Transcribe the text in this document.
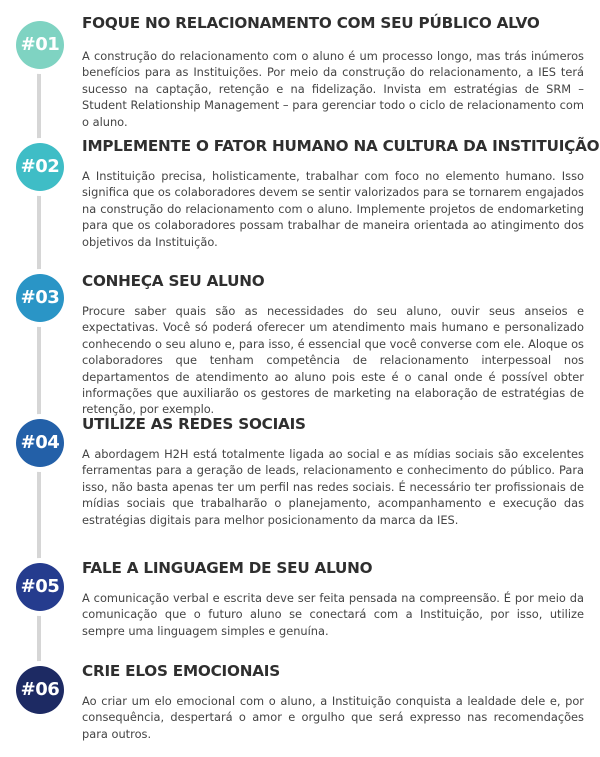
#01
FOQUE NO RELACIONAMENTO COM SEU PÚBLICO ALVO

A construção do relacionamento com o aluno é um processo longo, mas trás inúmeros benefícios para as Instituições. Por meio da construção do relacionamento, a IES terá sucesso na captação, retenção e na fidelização. Invista em estratégias de SRM – Student Relationship Management – para gerenciar todo o ciclo de relacionamento com o aluno.

#02
IMPLEMENTE O FATOR HUMANO NA CULTURA DA INSTITUIÇÃO

A Instituição precisa, holisticamente, trabalhar com foco no elemento humano. Isso significa que os colaboradores devem se sentir valorizados para se tornarem engajados na construção do relacionamento com o aluno. Implemente projetos de endomarketing para que os colaboradores possam trabalhar de maneira orientada ao atingimento dos objetivos da Instituição.

#03
CONHEÇA SEU ALUNO

Procure saber quais são as necessidades do seu aluno, ouvir seus anseios e expectativas. Você só poderá oferecer um atendimento mais humano e personalizado conhecendo o seu aluno e, para isso, é essencial que você converse com ele. Aloque os colaboradores que tenham competência de relacionamento interpessoal nos departamentos de atendimento ao aluno pois este é o canal onde é possível obter informações que auxiliarão os gestores de marketing na elaboração de estratégias de retenção, por exemplo.

#04
UTILIZE AS REDES SOCIAIS

A abordagem H2H está totalmente ligada ao social e as mídias sociais são excelentes ferramentas para a geração de leads, relacionamento e conhecimento do público. Para isso, não basta apenas ter um perfil nas redes sociais. É necessário ter profissionais de mídias sociais que trabalharão o planejamento, acompanhamento e execução das estratégias digitais para melhor posicionamento da marca da IES.

#05
FALE A LINGUAGEM DE SEU ALUNO

A comunicação verbal e escrita deve ser feita pensada na compreensão. É por meio da comunicação que o futuro aluno se conectará com a Instituição, por isso, utilize sempre uma linguagem simples e genuína.

#06
CRIE ELOS EMOCIONAIS

Ao criar um elo emocional com o aluno, a Instituição conquista a lealdade dele e, por consequência, despertará o amor e orgulho que será expresso nas recomendações para outros.
